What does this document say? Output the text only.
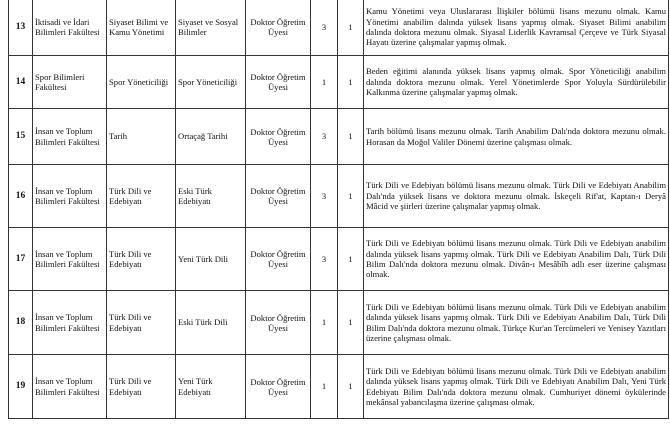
13	İktisadi ve İdari Bilimleri Fakültesi	Siyaset Bilimi ve Kamu Yönetimi	Siyaset ve Sosyal Bilimler	Doktor Öğretim Üyesi	3	1	Kamu Yönetimi veya Uluslararası İlişkiler bölümü lisans mezunu olmak. Kamu Yönetimi anabilim dalında yüksek lisans yapmış olmak. Siyaset Bilimi anabilim dalında doktora mezunu olmak. Siyasal Liderlik Kavramsal Çerçeve ve Türk Siyasal Hayatı üzerine çalışmalar yapmış olmak.
14	Spor Bilimleri Fakültesi	Spor Yöneticiliği	Spor Yöneticiliği	Doktor Öğretim Üyesi	1	1	Beden eğitimi alanında yüksek lisans yapmış olmak. Spor Yöneticiliği anabilim dalında doktora mezunu olmak. Yerel Yönetimlerde Spor Yoluyla Sürdürülebilir Kalkınma üzerine çalışmalar yapmış olmak.
15	İnsan ve Toplum Bilimleri Fakültesi	Tarih	Ortaçağ Tarihi	Doktor Öğretim Üyesi	3	1	Tarih bölümü lisans mezunu olmak. Tarih Anabilim Dalı'nda doktora mezunu olmak. Horasan da Moğol Valiler Dönemi üzerine çalışması olmak.
16	İnsan ve Toplum Bilimleri Fakültesi	Türk Dili ve Edebiyatı	Eski Türk Edebiyatı	Doktor Öğretim Üyesi	3	1	Türk Dili ve Edebiyatı bölümü lisans mezunu olmak. Türk Dili ve Edebiyatı Anabilim Dalı'nda yüksek lisans ve doktora mezunu olmak. İskeçeli Rif'at, Kaptan-ı Deryâ Mâcid ve şiirleri üzerine çalışmalar yapmış olmak.
17	İnsan ve Toplum Bilimleri Fakültesi	Türk Dili ve Edebiyatı	Yeni Türk Dili	Doktor Öğretim Üyesi	3	1	Türk Dili ve Edebiyatı bölümü lisans mezunu olmak. Türk Dili ve Edebiyatı anabilim dalında yüksek lisans yapmış olmak. Türk Dili ve Edebiyatı Anabilim Dalı, Türk Dili Bilim Dalı'nda doktora mezunu olmak. Divân-ı Mesâbîh adlı eser üzerine çalışması olmak.
18	İnsan ve Toplum Bilimleri Fakültesi	Türk Dili ve Edebiyatı	Eski Türk Dili	Doktor Öğretim Üyesi	1	1	Türk Dili ve Edebiyatı bölümü lisans mezunu olmak. Türk Dili ve Edebiyatı anabilim dalında yüksek lisans yapmış olmak. Türk Dili ve Edebiyatı Anabilim Dalı, Türk Dili Bilim Dalı'nda doktora mezunu olmak. Türkçe Kur'an Tercümeleri ve Yenisey Yazıtları üzerine çalışması olmak.
19	İnsan ve Toplum Bilimleri Fakültesi	Türk Dili ve Edebiyatı	Yeni Türk Edebiyatı	Doktor Öğretim Üyesi	1	1	Türk Dili ve Edebiyatı bölümü lisans mezunu olmak. Türk Dili ve Edebiyatı anabilim dalında yüksek lisans yapmış olmak. Türk Dili ve Edebiyatı Anabilim Dalı, Yeni Türk Edebiyatı Bilim Dalı'nda doktora mezunu olmak. Cumhuriyet dönemi öykülerinde mekânsal yabancılaşma üzerine çalışması olmak.
